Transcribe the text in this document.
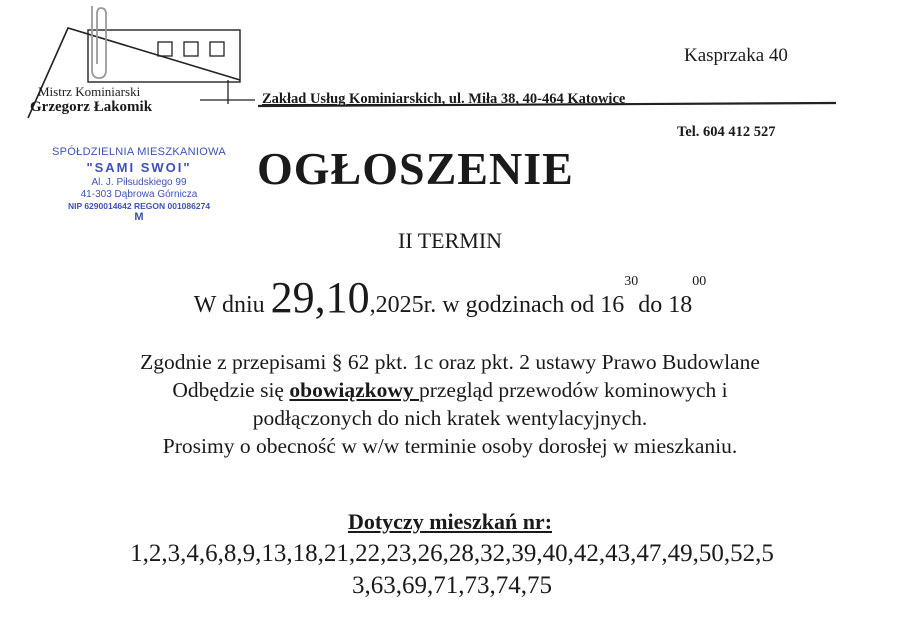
Mistrz Kominiarski
Grzegorz Łakomik
Kasprzaka 40
Zakład Usług Kominiarskich, ul. Miła 38, 40-464 Katowice
Tel. 604 412 527
SPÓŁDZIELNIA MIESZKANIOWA
"SAMI SWOI"
Al. J. Piłsudskiego 99
41-303 Dąbrowa Górnicza
NIP 6290014642 REGON 001086274
M
OGŁOSZENIE
II TERMIN
W dniu 29,10,2025r. w godzinach od $16^{30}do$ $18^{00}$
Zgodnie z przepisami § 62 pkt. 1c oraz pkt. 2 ustawy Prawo Budowlane
Odbędzie się obowiązkowy przegląd przewodów kominowych i
podłączonych do nich kratek wentylacyjnych.
Prosimy o obecność w w/w terminie osoby dorosłej w mieszkaniu.
Dotyczy mieszkań nr:
1,2,3,4,6,8,9,13,18,21,22,23,26,28,32,39,40,42,43,47,49,50,52,5
3,63,69,71,73,74,75
